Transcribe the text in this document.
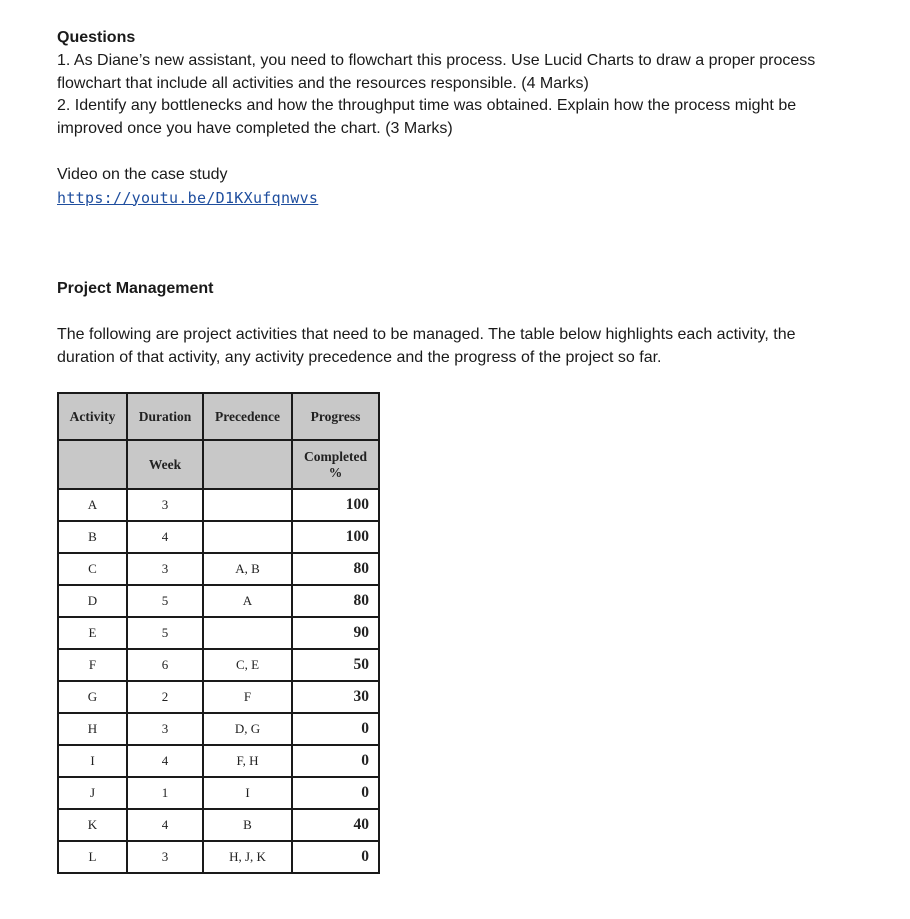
Questions

1. As Diane’s new assistant, you need to flowchart this process. Use Lucid Charts to draw a proper process
flowchart that include all activities and the resources responsible. (4 Marks)

2. Identify any bottlenecks and how the throughput time was obtained. Explain how the process might be
improved once you have completed the chart. (3 Marks)

Video on the case study
https://youtu.be/D1KXufqnwvs

Project Management

The following are project activities that need to be managed. The table below highlights each activity, the
duration of that activity, any activity precedence and the progress of the project so far.

Activity	Duration	Precedence	Progress
	Week		Completed
%
A	3		100
B	4		100
C	3	A, B	80
D	5	A	80
E	5		90
F	6	C, E	50
G	2	F	30
H	3	D, G	0
I	4	F, H	0
J	1	I	0
K	4	B	40
L	3	H, J, K	0
